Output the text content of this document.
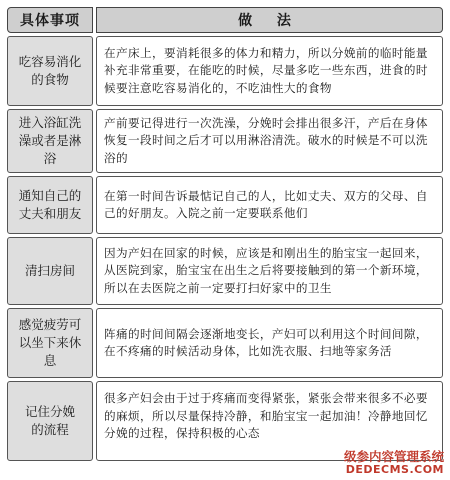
具体事项	做 法
吃容易消化的食物
在产床上，要消耗很多的体力和精力，所以分娩前的临时能量补充非常重要，在能吃的时候，尽量多吃一些东西，进食的时候要注意吃容易消化的，不吃油性大的食物
进入浴缸洗澡或者是淋浴
产前要记得进行一次洗澡，分娩时会排出很多汗，产后在身体恢复一段时间之后才可以用淋浴清洗。破水的时候是不可以洗浴的
通知自己的丈夫和朋友
在第一时间告诉最惦记自己的人，比如丈夫、双方的父母、自己的好朋友。入院之前一定要联系他们
清扫房间
因为产妇在回家的时候，应该是和刚出生的胎宝宝一起回来，从医院到家，胎宝宝在出生之后将要接触到的第一个新环境，所以在去医院之前一定要打扫好家中的卫生
感觉疲劳可以坐下来休息
阵痛的时间间隔会逐渐地变长，产妇可以利用这个时间间隙，在不疼痛的时候活动身体，比如洗衣服、扫地等家务活
记住分娩的流程
很多产妇会由于过于疼痛而变得紧张，紧张会带来很多不必要的麻烦，所以尽量保持冷静，和胎宝宝一起加油！冷静地回忆分娩的过程，保持积极的心态
级参内容管理系统
DEDECMS.COM
